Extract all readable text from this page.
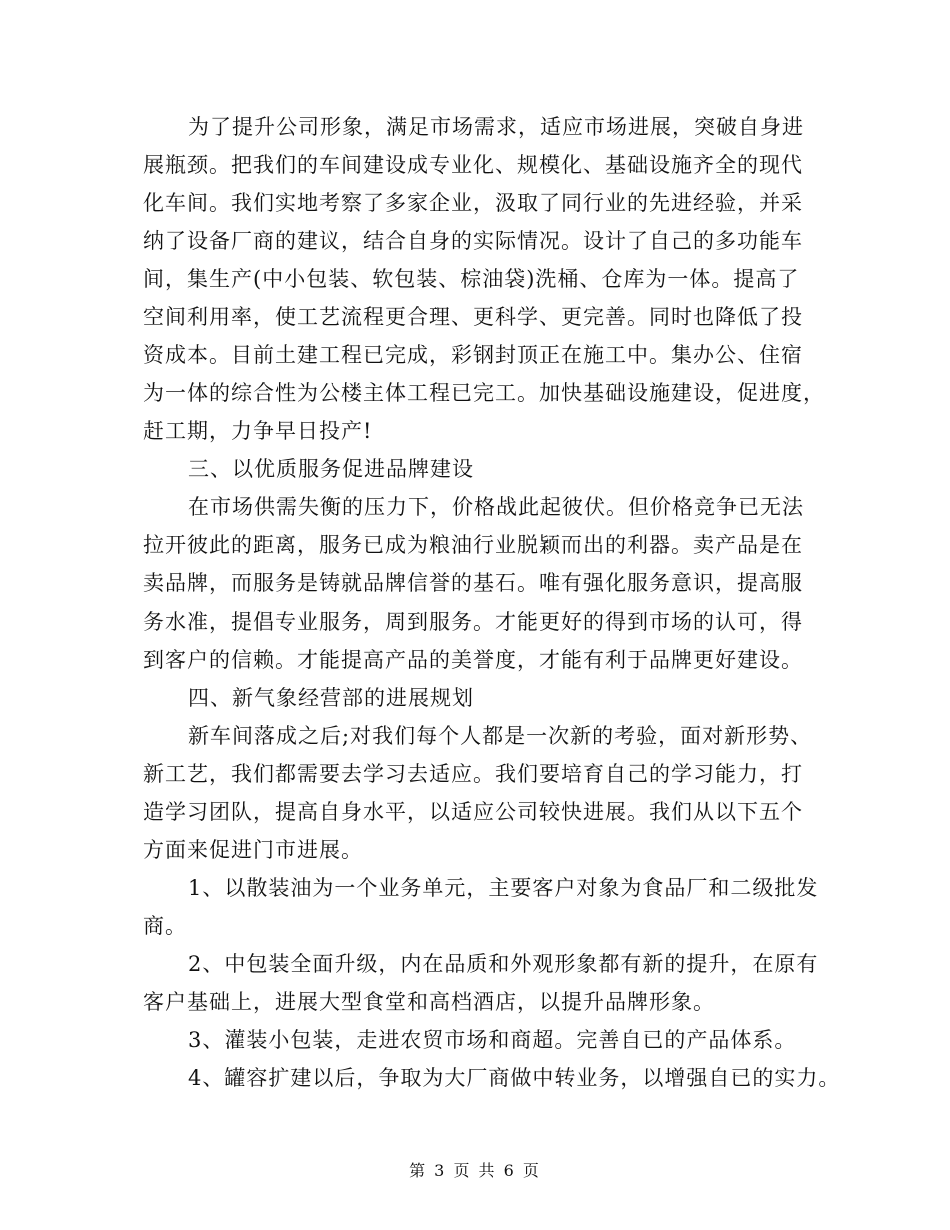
为了提升公司形象，满足市场需求，适应市场进展，突破自身进
展瓶颈。把我们的车间建设成专业化、规模化、基础设施齐全的现代
化车间。我们实地考察了多家企业，汲取了同行业的先进经验，并采
纳了设备厂商的建议，结合自身的实际情况。设计了自己的多功能车
间，集生产(中小包装、软包装、棕油袋)洗桶、仓库为一体。提高了
空间利用率，使工艺流程更合理、更科学、更完善。同时也降低了投
资成本。目前土建工程已完成，彩钢封顶正在施工中。集办公、住宿
为一体的综合性为公楼主体工程已完工。加快基础设施建设，促进度，
赶工期，力争早日投产!
三、以优质服务促进品牌建设
在市场供需失衡的压力下，价格战此起彼伏。但价格竞争已无法
拉开彼此的距离，服务已成为粮油行业脱颖而出的利器。卖产品是在
卖品牌，而服务是铸就品牌信誉的基石。唯有强化服务意识，提高服
务水准，提倡专业服务，周到服务。才能更好的得到市场的认可，得
到客户的信赖。才能提高产品的美誉度，才能有利于品牌更好建设。
四、新气象经营部的进展规划
新车间落成之后;对我们每个人都是一次新的考验，面对新形势、
新工艺，我们都需要去学习去适应。我们要培育自己的学习能力，打
造学习团队，提高自身水平，以适应公司较快进展。我们从以下五个
方面来促进门市进展。
1、以散装油为一个业务单元，主要客户对象为食品厂和二级批发
商。
2、中包装全面升级，内在品质和外观形象都有新的提升，在原有
客户基础上，进展大型食堂和高档酒店，以提升品牌形象。
3、灌装小包装，走进农贸市场和商超。完善自已的产品体系。
4、罐容扩建以后，争取为大厂商做中转业务，以增强自已的实力。
第 3 页 共 6 页
